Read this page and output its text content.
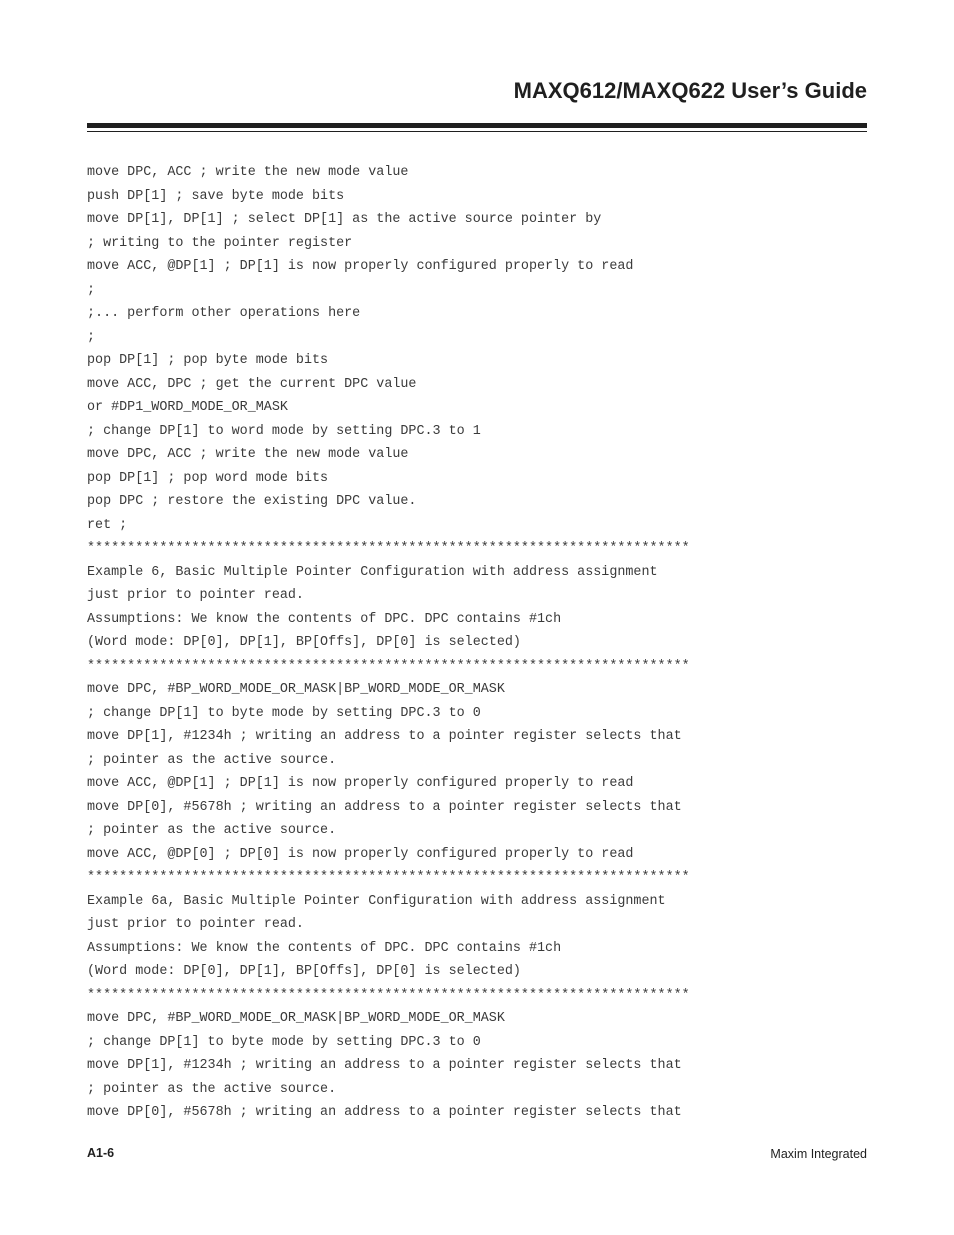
MAXQ612/MAXQ622 User’s Guide
move DPC, ACC ; write the new mode value
push DP[1] ; save byte mode bits
move DP[1], DP[1] ; select DP[1] as the active source pointer by
; writing to the pointer register
move ACC, @DP[1] ; DP[1] is now properly configured properly to read
;
;... perform other operations here
;
pop DP[1] ; pop byte mode bits
move ACC, DPC ; get the current DPC value
or #DP1_WORD_MODE_OR_MASK
; change DP[1] to word mode by setting DPC.3 to 1
move DPC, ACC ; write the new mode value
pop DP[1] ; pop word mode bits
pop DPC ; restore the existing DPC value.
ret ;
***************************************************************************
Example 6, Basic Multiple Pointer Configuration with address assignment
just prior to pointer read.
Assumptions: We know the contents of DPC. DPC contains #1ch
(Word mode: DP[0], DP[1], BP[Offs], DP[0] is selected)
***************************************************************************
move DPC, #BP_WORD_MODE_OR_MASK|BP_WORD_MODE_OR_MASK
; change DP[1] to byte mode by setting DPC.3 to 0
move DP[1], #1234h ; writing an address to a pointer register selects that
; pointer as the active source.
move ACC, @DP[1] ; DP[1] is now properly configured properly to read
move DP[0], #5678h ; writing an address to a pointer register selects that
; pointer as the active source.
move ACC, @DP[0] ; DP[0] is now properly configured properly to read
***************************************************************************
Example 6a, Basic Multiple Pointer Configuration with address assignment
just prior to pointer read.
Assumptions: We know the contents of DPC. DPC contains #1ch
(Word mode: DP[0], DP[1], BP[Offs], DP[0] is selected)
***************************************************************************
move DPC, #BP_WORD_MODE_OR_MASK|BP_WORD_MODE_OR_MASK
; change DP[1] to byte mode by setting DPC.3 to 0
move DP[1], #1234h ; writing an address to a pointer register selects that
; pointer as the active source.
move DP[0], #5678h ; writing an address to a pointer register selects that
A1-6	Maxim Integrated
